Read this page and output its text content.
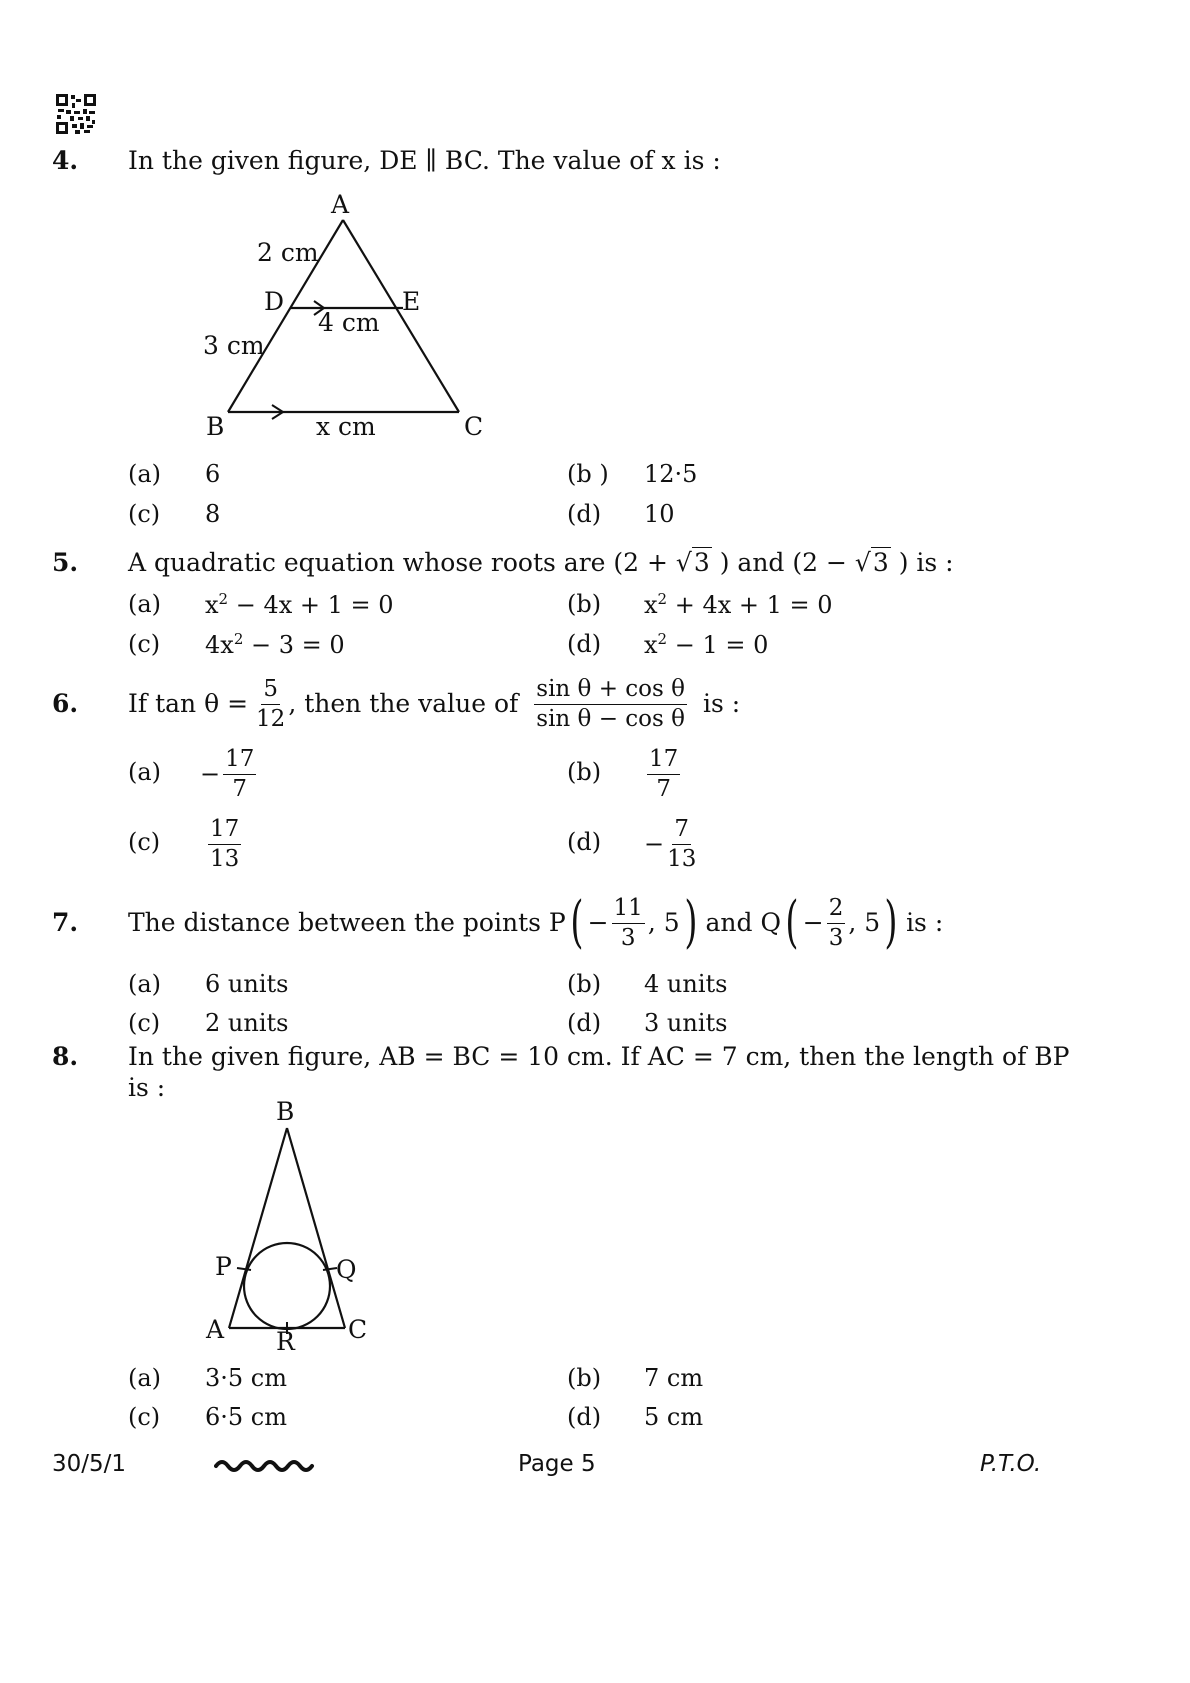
4. In the given figure, DE ∥ BC. The value of x is :
A
2 cm
D	E
4 cm
3 cm
B	x cm	C
(a) 6	(b ) 12·5
(c) 8	(d) 10
5. A quadratic equation whose roots are (2 + √3 ) and (2 − √3 ) is :
(a) $x^2 - 4x + 1 = 0$	(b) $x^2 + 4x + 1 = 0$
(c) $4x^2 - 3 = 0$	(d) $x^2 - 1 = 0$
6. If $\tan \theta = \frac{5}{12}$ , then the value of $\frac{\text{sin θ + cos θ}}{\text{sin θ − cos θ}}$ is :
$(a) - \frac{17}{7}$	$(b) \frac{17}{7}$
$(c) \frac{17}{13}$	$(d) - \frac{7}{13}$
7. The distance between the points P ( − $\frac{11}{3}$ , 5 ) and Q ( − $\frac{2}{3}$ , 5 ) is :
(a) 6 units	(b) 4 units
(c) 2 units	(d) 3 units
8. In the given figure, AB = BC = 10 cm. If AC = 7 cm, then the length of BP
is :
B
P	Q
A R C
(a) 3·5 cm	(b) 7 cm
(c) 6·5 cm	(d) 5 cm
30/5/1	Page 5	P.T.O.
